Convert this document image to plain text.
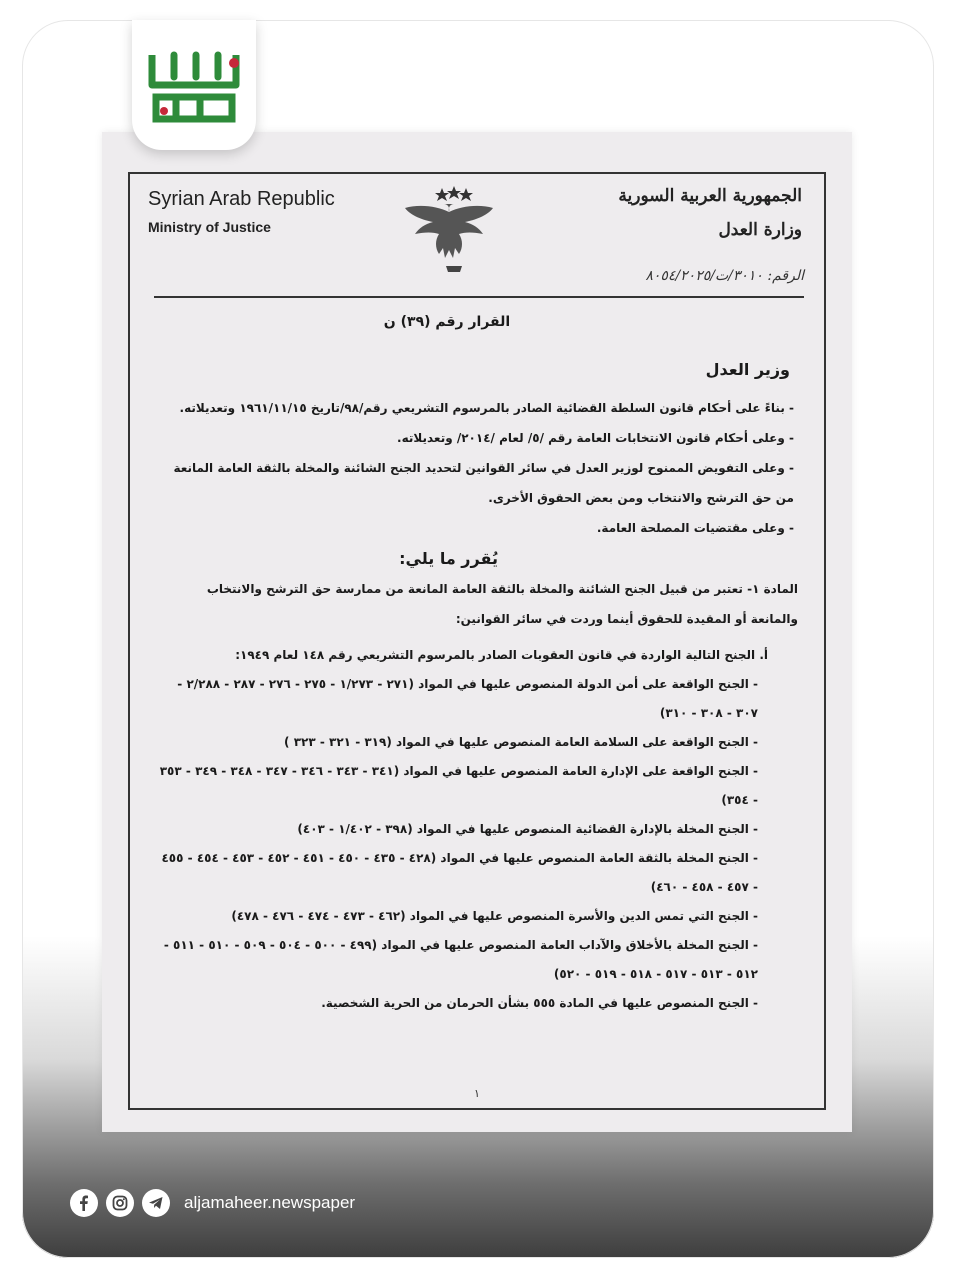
Syrian Arab Republic
Ministry of Justice
الجمهورية العربية السورية
وزارة العدل
الرقم: ٣٠١٠/ت/٨٠٥٤/٢٠٢٥
القرار رقم (٣٩) ن
وزير العدل
- بناءً على أحكام قانون السلطة القضائية الصادر بالمرسوم التشريعي رقم/٩٨/تاريخ ١٩٦١/١١/١٥ وتعديلاته.
- وعلى أحكام قانون الانتخابات العامة رقم /٥/ لعام /٢٠١٤/ وتعديلاته.
- وعلى التفويض الممنوح لوزير العدل في سائر القوانين لتحديد الجنح الشائنة والمخلة بالثقة العامة المانعة من حق الترشح والانتخاب ومن بعض الحقوق الأخرى.
- وعلى مقتضيات المصلحة العامة.
يُقرر ما يلي:
المادة ١- تعتبر من قبيل الجنح الشائنة والمخلة بالثقة العامة المانعة من ممارسة حق الترشح والانتخاب والمانعة أو المقيدة للحقوق أينما وردت في سائر القوانين:
أ. الجنح التالية الواردة في قانون العقوبات الصادر بالمرسوم التشريعي رقم ١٤٨ لعام ١٩٤٩:
- الجنح الواقعة على أمن الدولة المنصوص عليها في المواد (٢٧١ - ١/٢٧٣ - ٢٧٥ - ٢٧٦ - ٢٨٧ - ٢/٢٨٨ - ٣٠٧ - ٣٠٨ - ٣١٠)
- الجنح الواقعة على السلامة العامة المنصوص عليها في المواد (٣١٩ - ٣٢١ - ٣٢٣ )
- الجنح الواقعة على الإدارة العامة المنصوص عليها في المواد (٣٤١ - ٣٤٣ - ٣٤٦ - ٣٤٧ - ٣٤٨ - ٣٤٩ - ٣٥٣ - ٣٥٤)
- الجنح المخلة بالإدارة القضائية المنصوص عليها في المواد (٣٩٨ - ١/٤٠٢ - ٤٠٣)
- الجنح المخلة بالثقة العامة المنصوص عليها في المواد (٤٢٨ - ٤٣٥ - ٤٥٠ - ٤٥١ - ٤٥٢ - ٤٥٣ - ٤٥٤ - ٤٥٥ - ٤٥٧ - ٤٥٨ - ٤٦٠)
- الجنح التي تمس الدين والأسرة المنصوص عليها في المواد (٤٦٢ - ٤٧٣ - ٤٧٤ - ٤٧٦ - ٤٧٨)
- الجنح المخلة بالأخلاق والآداب العامة المنصوص عليها في المواد (٤٩٩ - ٥٠٠ - ٥٠٤ - ٥٠٩ - ٥١٠ - ٥١١ - ٥١٢ - ٥١٣ - ٥١٧ - ٥١٨ - ٥١٩ - ٥٢٠)
- الجنح المنصوص عليها في المادة ٥٥٥ بشأن الحرمان من الحرية الشخصية.
١
aljamaheer.newspaper
